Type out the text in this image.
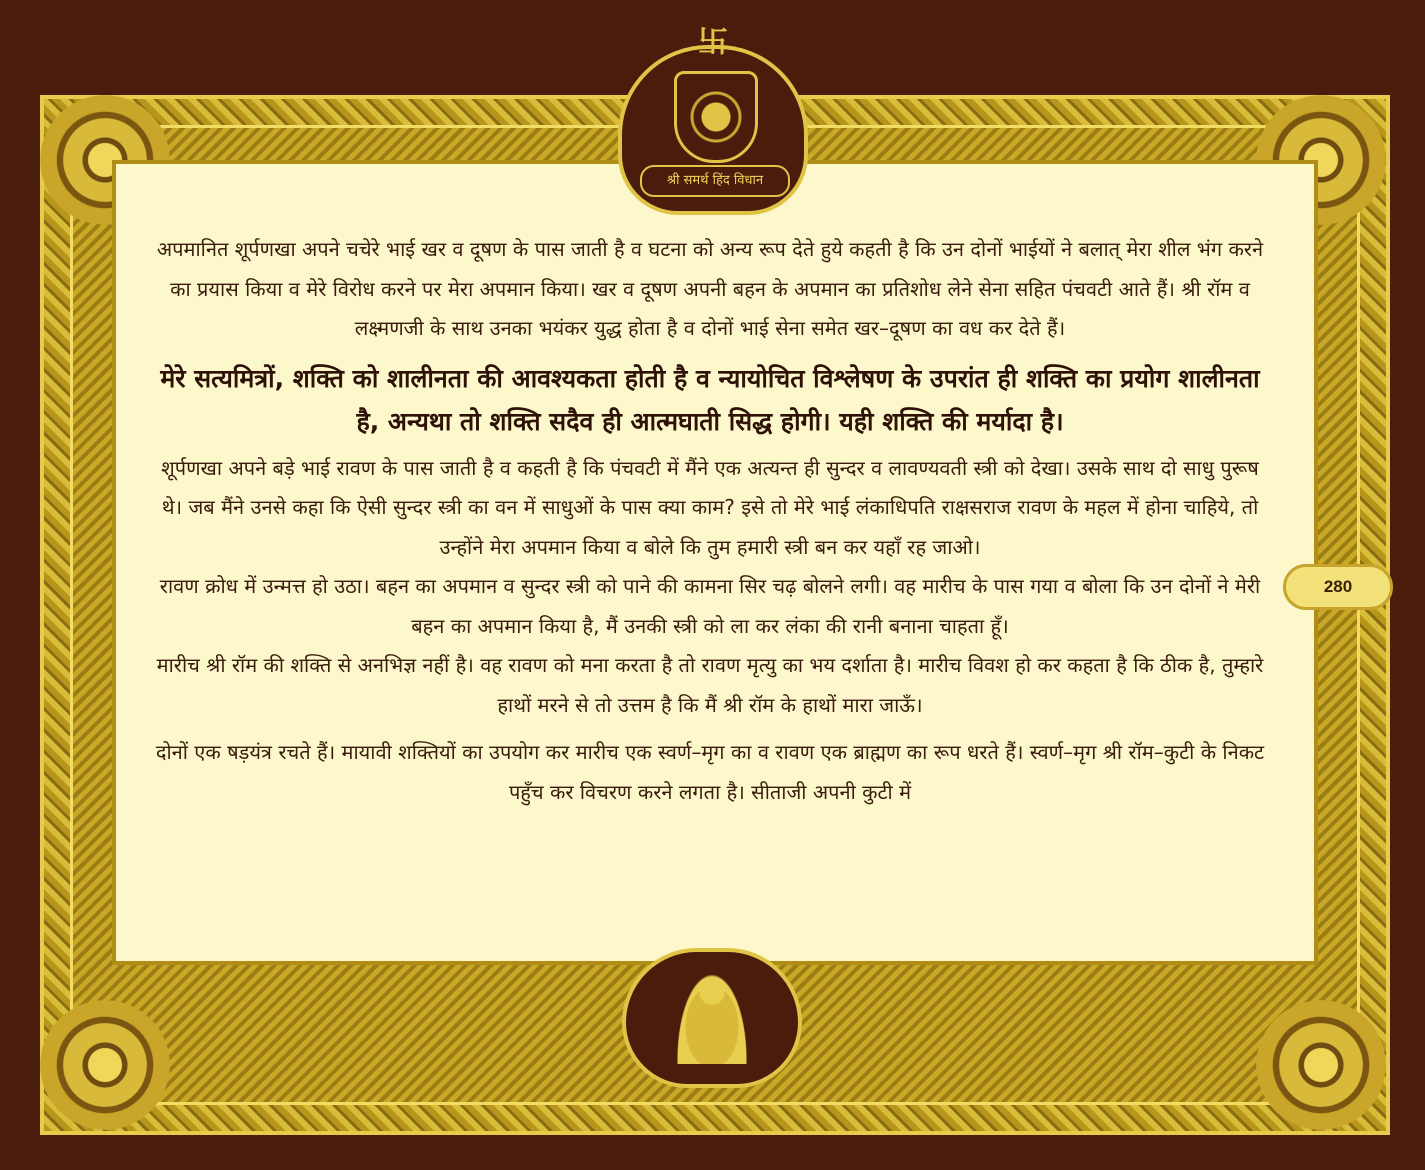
卐
श्री समर्थ हिंद विधान
280

अपमानित शूर्पणखा अपने चचेरे भाई खर व दूषण के पास जाती है व घटना को अन्य रूप देते हुये कहती है कि उन दोनों भाईयों ने बलात् मेरा शील भंग करने का प्रयास किया व मेरे विरोध करने पर मेरा अपमान किया। खर व दूषण अपनी बहन के अपमान का प्रतिशोध लेने सेना सहित पंचवटी आते हैं। श्री रॉम व लक्ष्मणजी के साथ उनका भयंकर युद्ध होता है व दोनों भाई सेना समेत खर–दूषण का वध कर देते हैं।

मेरे सत्यमित्रों, शक्ति को शालीनता की आवश्यकता होती है व न्यायोचित विश्लेषण के उपरांत ही शक्ति का प्रयोग शालीनता है, अन्यथा तो शक्ति सदैव ही आत्मघाती सिद्ध होगी। यही शक्ति की मर्यादा है।

शूर्पणखा अपने बड़े भाई रावण के पास जाती है व कहती है कि पंचवटी में मैंने एक अत्यन्त ही सुन्दर व लावण्यवती स्त्री को देखा। उसके साथ दो साधु पुरूष थे। जब मैंने उनसे कहा कि ऐसी सुन्दर स्त्री का वन में साधुओं के पास क्या काम? इसे तो मेरे भाई लंकाधिपति राक्षसराज रावण के महल में होना चाहिये, तो उन्होंने मेरा अपमान किया व बोले कि तुम हमारी स्त्री बन कर यहाँ रह जाओ।

रावण क्रोध में उन्मत्त हो उठा। बहन का अपमान व सुन्दर स्त्री को पाने की कामना सिर चढ़ बोलने लगी। वह मारीच के पास गया व बोला कि उन दोनों ने मेरी बहन का अपमान किया है, मैं उनकी स्त्री को ला कर लंका की रानी बनाना चाहता हूँ।

मारीच श्री रॉम की शक्ति से अनभिज्ञ नहीं है। वह रावण को मना करता है तो रावण मृत्यु का भय दर्शाता है। मारीच विवश हो कर कहता है कि ठीक है, तुम्हारे हाथों मरने से तो उत्तम है कि मैं श्री रॉम के हाथों मारा जाऊँ।

दोनों एक षड़यंत्र रचते हैं। मायावी शक्तियों का उपयोग कर मारीच एक स्वर्ण–मृग का व रावण एक ब्राह्मण का रूप धरते हैं। स्वर्ण–मृग श्री रॉम–कुटी के निकट पहुँच कर विचरण करने लगता है। सीताजी अपनी कुटी में
